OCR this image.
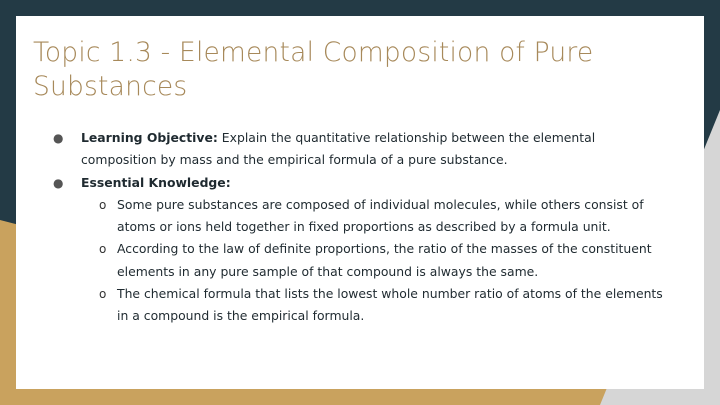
Topic 1.3 - Elemental Composition of Pure Substances
●	Learning Objective: Explain the quantitative relationship between the elemental composition by mass and the empirical formula of a pure substance.
●	Essential Knowledge:
o Some pure substances are composed of individual molecules, while others consist of atoms or ions held together in fixed proportions as described by a formula unit.
o According to the law of definite proportions, the ratio of the masses of the constituent elements in any pure sample of that compound is always the same.
o The chemical formula that lists the lowest whole number ratio of atoms of the elements in a compound is the empirical formula.
